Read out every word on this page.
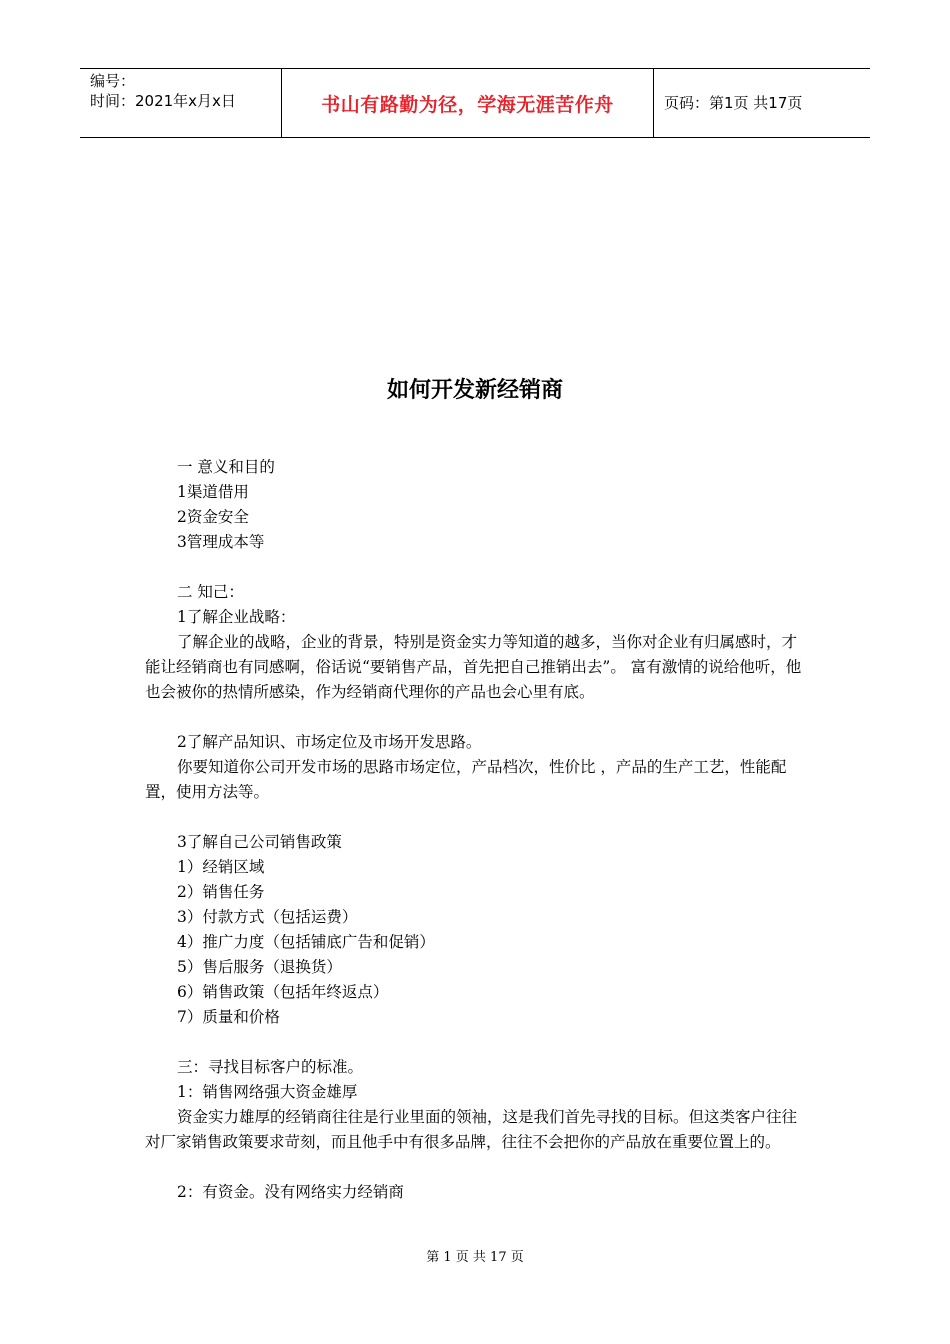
编号：
时间：2021年x月x日	书山有路勤为径，学海无涯苦作舟	页码：第1页 共17页
如何开发新经销商
一 意义和目的
1渠道借用
2资金安全
3管理成本等
二 知己：
1了解企业战略：
了解企业的战略，企业的背景，特别是资金实力等知道的越多，当你对企业有归属感时，才能让经销商也有同感啊，俗话说“要销售产品，首先把自己推销出去”。 富有激情的说给他听，他也会被你的热情所感染，作为经销商代理你的产品也会心里有底。
2了解产品知识、市场定位及市场开发思路。
你要知道你公司开发市场的思路市场定位，产品档次，性价比 ，产品的生产工艺，性能配置，使用方法等。
3了解自己公司销售政策
1）经销区域
2）销售任务
3）付款方式（包括运费）
4）推广力度（包括铺底广告和促销）
5）售后服务（退换货）
6）销售政策（包括年终返点）
7）质量和价格
三：寻找目标客户的标准。
1：销售网络强大资金雄厚
资金实力雄厚的经销商往往是行业里面的领袖，这是我们首先寻找的目标。但这类客户往往对厂家销售政策要求苛刻，而且他手中有很多品牌，往往不会把你的产品放在重要位置上的。
2：有资金。没有网络实力经销商
第 1 页 共 17 页
